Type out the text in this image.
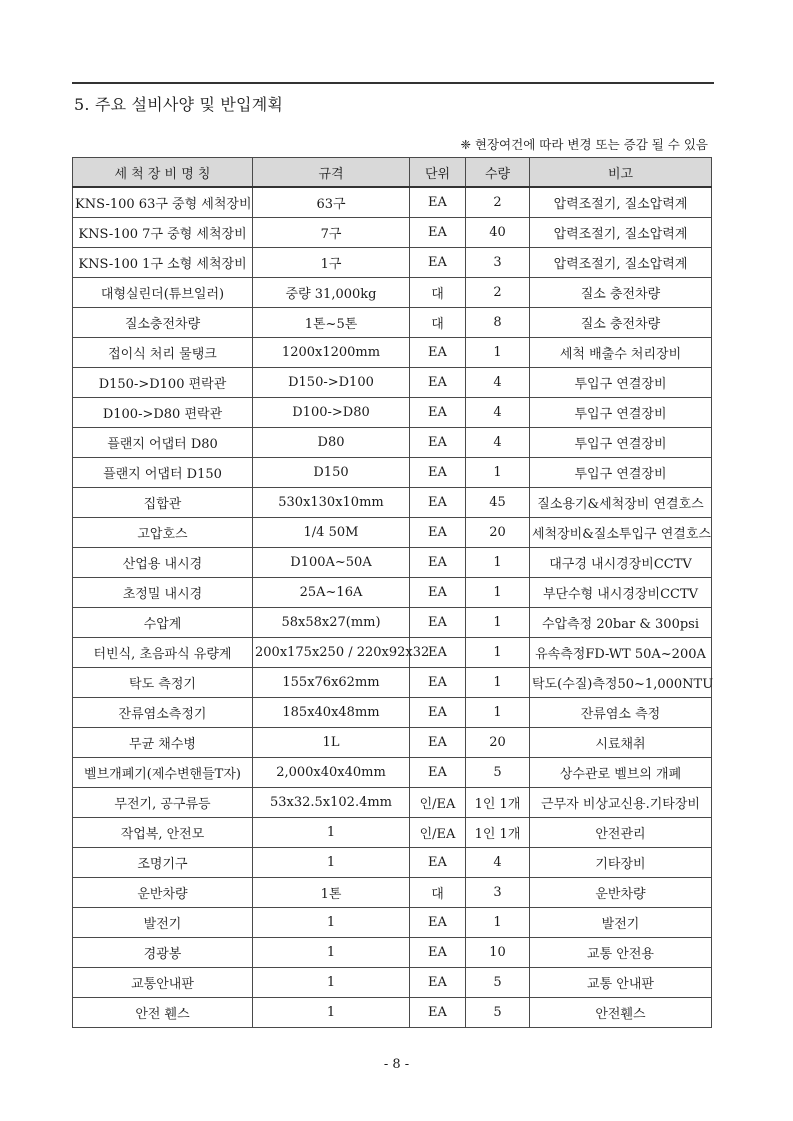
5. 주요 설비사양 및 반입계획
❈ 현장여건에 따라 변경 또는 증감 될 수 있음
세 척 장 비 명 칭	규격	단위	수량	비고
KNS-100 63구 중형 세척장비	63구	EA	2	압력조절기, 질소압력계
KNS-100 7구 중형 세척장비	7구	EA	40	압력조절기, 질소압력계
KNS-100 1구 소형 세척장비	1구	EA	3	압력조절기, 질소압력계
대형실린더(튜브일러)	중량 31,000kg	대	2	질소 충전차량
질소충전차량	1톤~5톤	대	8	질소 충전차량
접이식 처리 물탱크	1200x1200mm	EA	1	세척 배출수 처리장비
D150->D100 편락관	D150->D100	EA	4	투입구 연결장비
D100->D80 편락관	D100->D80	EA	4	투입구 연결장비
플랜지 어댑터 D80	D80	EA	4	투입구 연결장비
플랜지 어댑터 D150	D150	EA	1	투입구 연결장비
집합관	530x130x10mm	EA	45	질소용기&세척장비 연결호스
고압호스	1/4 50M	EA	20	세척장비&질소투입구 연결호스
산업용 내시경	D100A~50A	EA	1	대구경 내시경장비CCTV
초정밀 내시경	25A~16A	EA	1	부단수형 내시경장비CCTV
수압계	58x58x27(mm)	EA	1	수압측정 20bar & 300psi
터빈식, 초음파식 유량계	200x175x250 / 220x92x32	EA	1	유속측정FD-WT 50A~200A
탁도 측정기	155x76x62mm	EA	1	탁도(수질)측정50~1,000NTU
잔류염소측정기	185x40x48mm	EA	1	잔류염소 측정
무균 채수병	1L	EA	20	시료채취
벨브개폐기(제수변핸들T자)	2,000x40x40mm	EA	5	상수관로 벨브의 개폐
무전기, 공구류등	53x32.5x102.4mm	인/EA	1인 1개	근무자 비상교신용.기타장비
작업복, 안전모	1	인/EA	1인 1개	안전관리
조명기구	1	EA	4	기타장비
운반차량	1톤	대	3	운반차량
발전기	1	EA	1	발전기
경광봉	1	EA	10	교통 안전용
교통안내판	1	EA	5	교통 안내판
안전 휀스	1	EA	5	안전휀스
- 8 -
